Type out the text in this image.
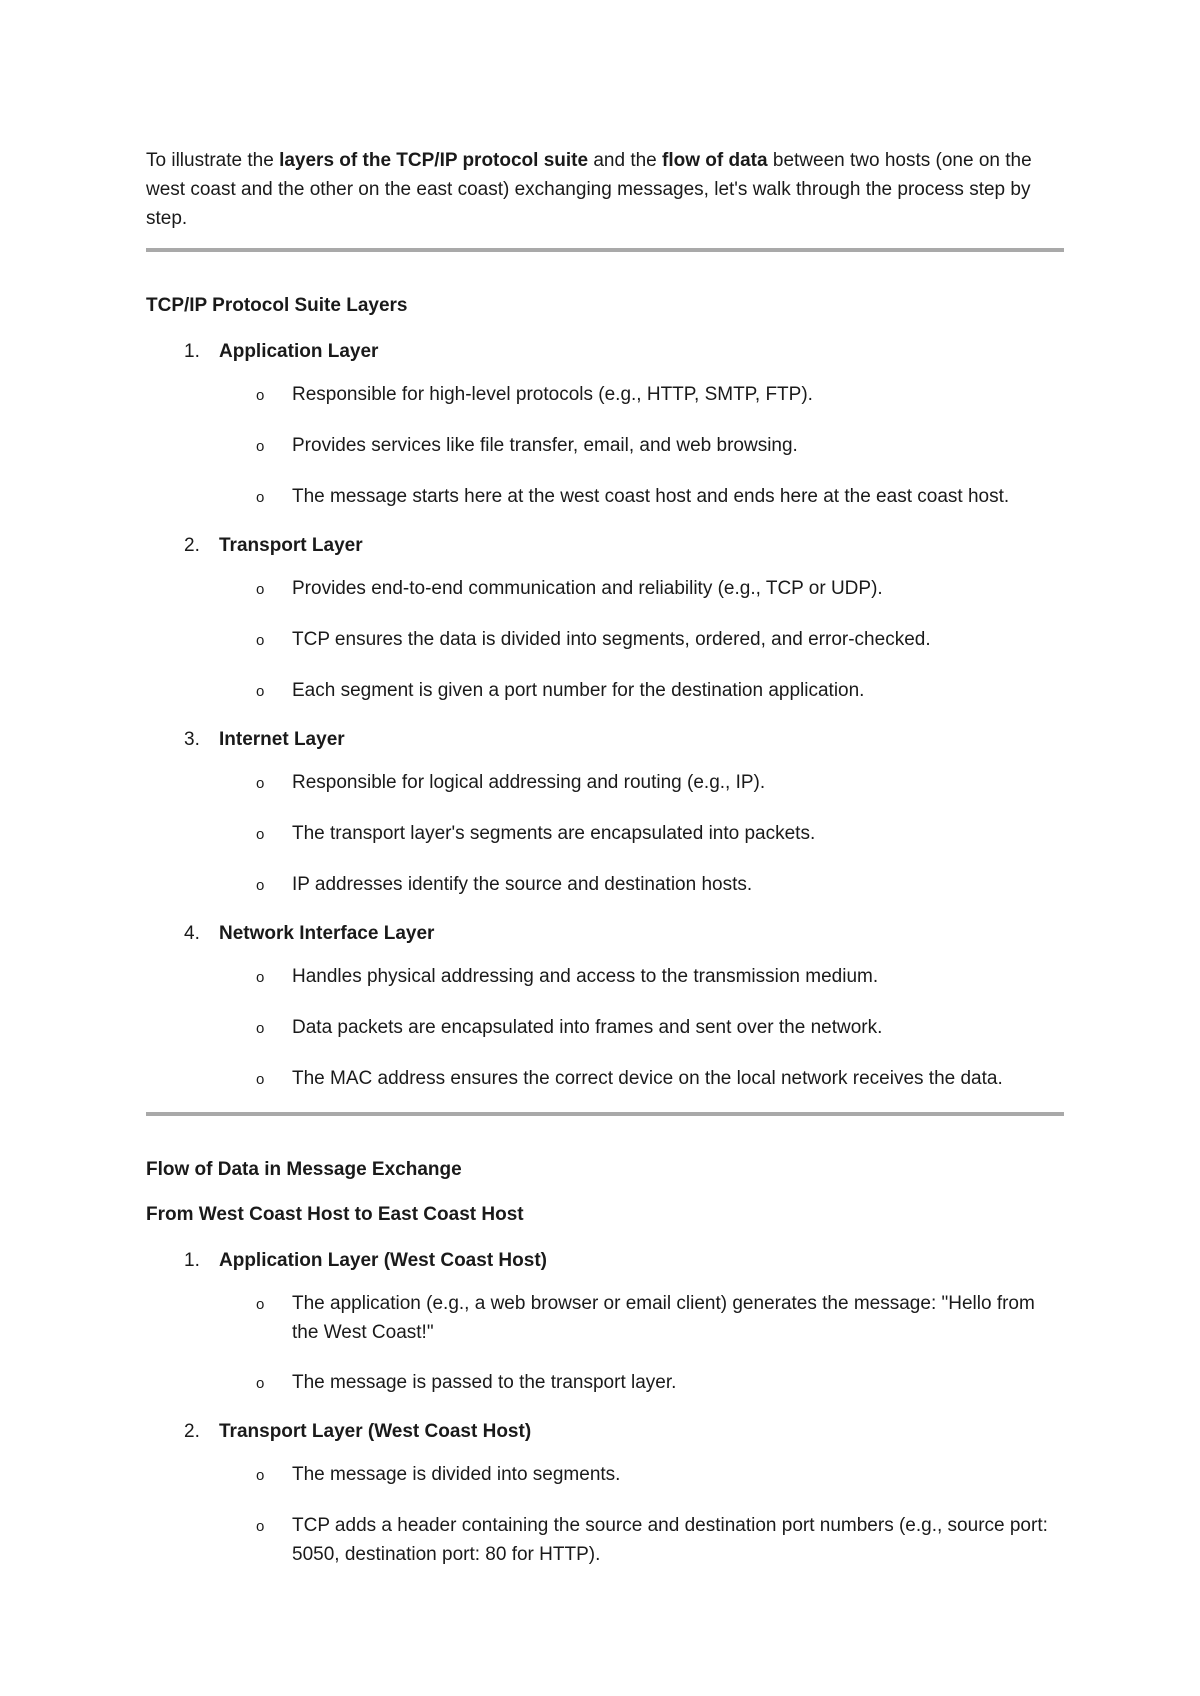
To illustrate the layers of the TCP/IP protocol suite and the flow of data between two hosts (one on the west coast and the other on the east coast) exchanging messages, let's walk through the process step by step.

TCP/IP Protocol Suite Layers
1.	Application Layer
o	Responsible for high-level protocols (e.g., HTTP, SMTP, FTP).
o	Provides services like file transfer, email, and web browsing.
o	The message starts here at the west coast host and ends here at the east coast host.
2.	Transport Layer
o	Provides end-to-end communication and reliability (e.g., TCP or UDP).
o	TCP ensures the data is divided into segments, ordered, and error-checked.
o	Each segment is given a port number for the destination application.
3.	Internet Layer
o	Responsible for logical addressing and routing (e.g., IP).
o	The transport layer's segments are encapsulated into packets.
o	IP addresses identify the source and destination hosts.
4.	Network Interface Layer
o	Handles physical addressing and access to the transmission medium.
o	Data packets are encapsulated into frames and sent over the network.
o	The MAC address ensures the correct device on the local network receives the data.
Flow of Data in Message Exchange
From West Coast Host to East Coast Host
1.	Application Layer (West Coast Host)
o	The application (e.g., a web browser or email client) generates the message: "Hello from the West Coast!"
o	The message is passed to the transport layer.
2.	Transport Layer (West Coast Host)
o	The message is divided into segments.
o	TCP adds a header containing the source and destination port numbers (e.g., source port: 5050, destination port: 80 for HTTP).
